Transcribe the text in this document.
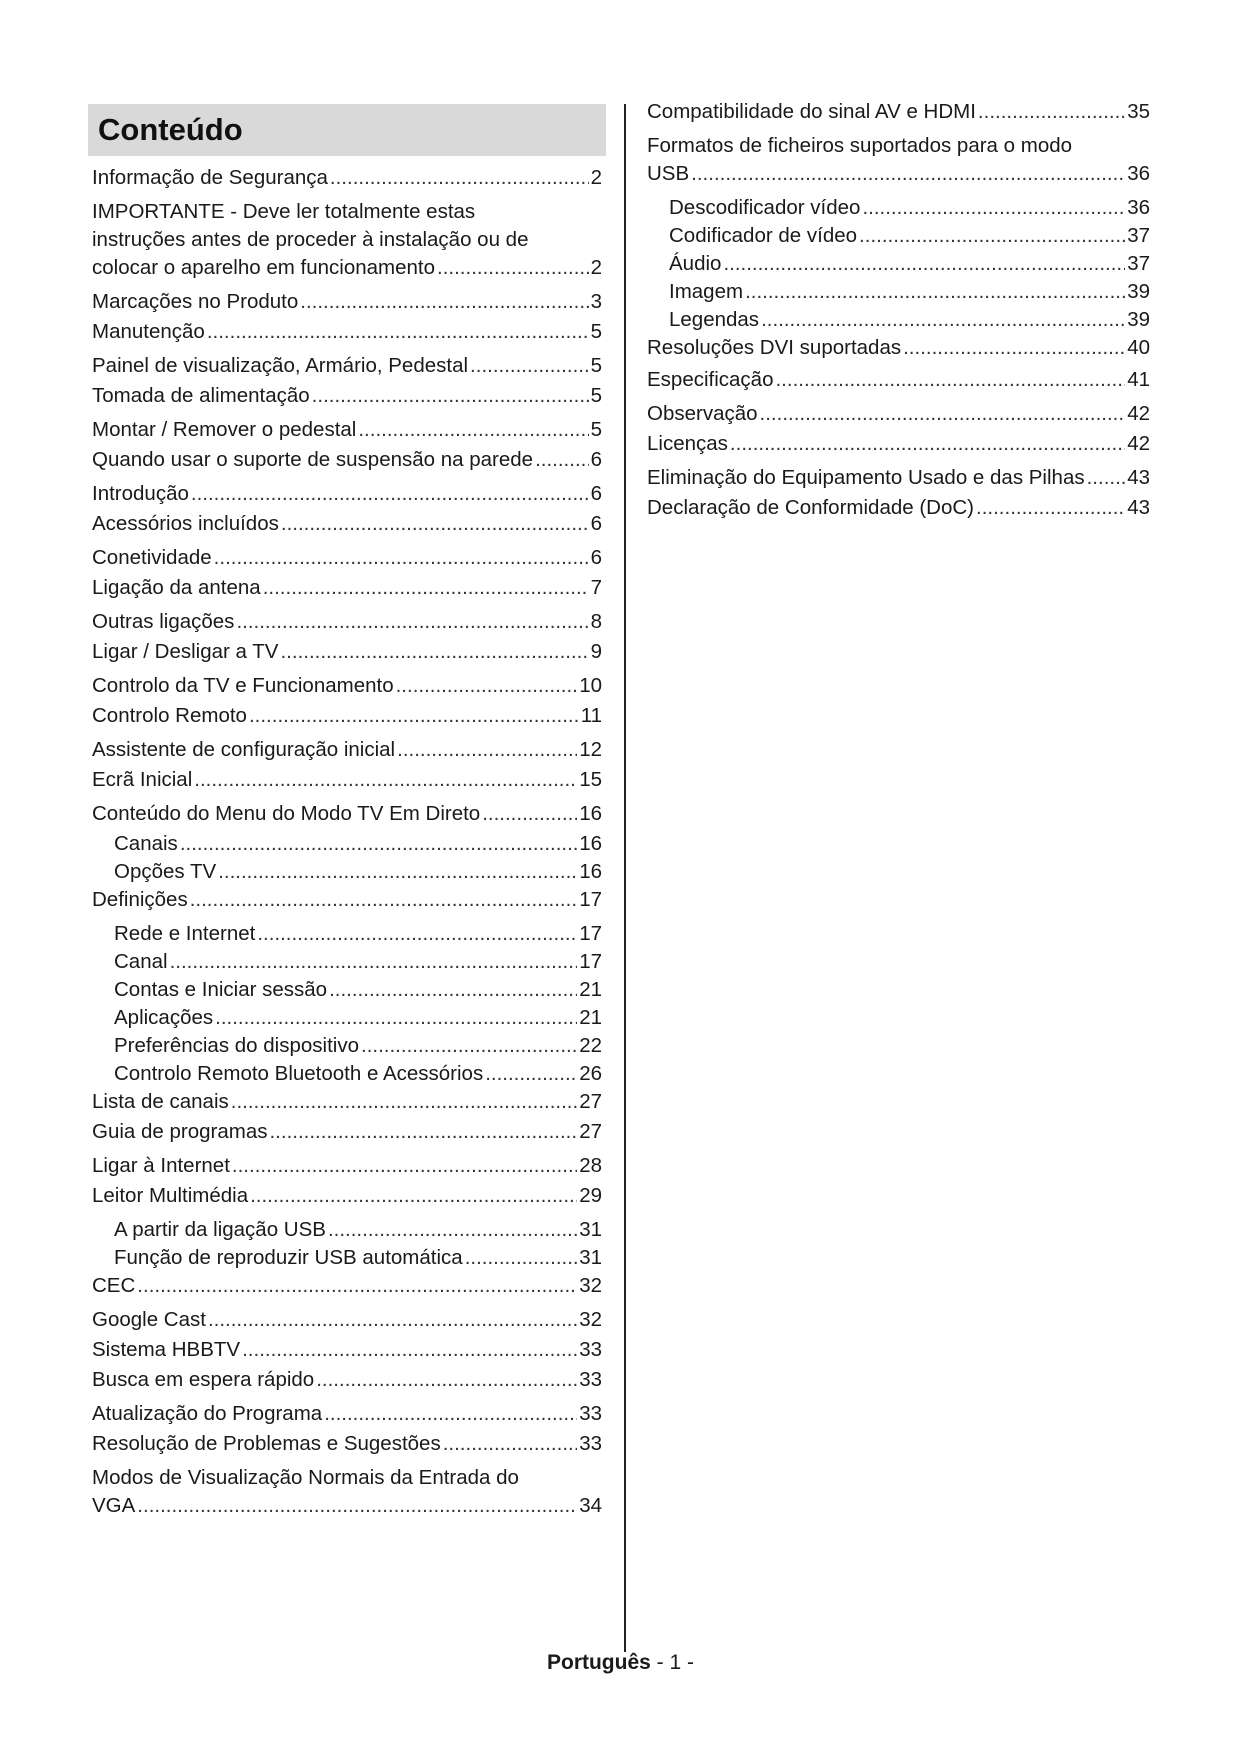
Conteúdo
Informação de Segurança .....	2
IMPORTANTE - Deve ler totalmente estas
instruções antes de proceder à instalação ou de
colocar o aparelho em funcionamento .....	2
Marcações no Produto .....	3
Manutenção .....	5
Painel de visualização, Armário, Pedestal .....	5
Tomada de alimentação .....	5
Montar / Remover o pedestal .....	5
Quando usar o suporte de suspensão na parede .....	6
Introdução .....	6
Acessórios incluídos .....	6
Conetividade .....	6
Ligação da antena .....	7
Outras ligações .....	8
Ligar / Desligar a TV .....	9
Controlo da TV e Funcionamento .....	10
Controlo Remoto .....	11
Assistente de configuração inicial .....	12
Ecrã Inicial .....	15
Conteúdo do Menu do Modo TV Em Direto .....	16
Canais .....	16
Opções TV .....	16
Definições .....	17
Rede e Internet .....	17
Canal .....	17
Contas e Iniciar sessão .....	21
Aplicações .....	21
Preferências do dispositivo .....	22
Controlo Remoto Bluetooth e Acessórios .....	26
Lista de canais .....	27
Guia de programas .....	27
Ligar à Internet .....	28
Leitor Multimédia .....	29
A partir da ligação USB .....	31
Função de reproduzir USB automática .....	31
CEC .....	32
Google Cast .....	32
Sistema HBBTV .....	33
Busca em espera rápido .....	33
Atualização do Programa .....	33
Resolução de Problemas e Sugestões .....	33
Modos de Visualização Normais da Entrada do
VGA .....	34
Compatibilidade do sinal AV e HDMI .....	35
Formatos de ficheiros suportados para o modo
USB .....	36
Descodificador vídeo .....	36
Codificador de vídeo .....	37
Áudio .....	37
Imagem .....	39
Legendas .....	39
Resoluções DVI suportadas .....	40
Especificação .....	41
Observação .....	42
Licenças .....	42
Eliminação do Equipamento Usado e das Pilhas ..... 43
Declaração de Conformidade (DoC) .....	43
Português - 1 -
